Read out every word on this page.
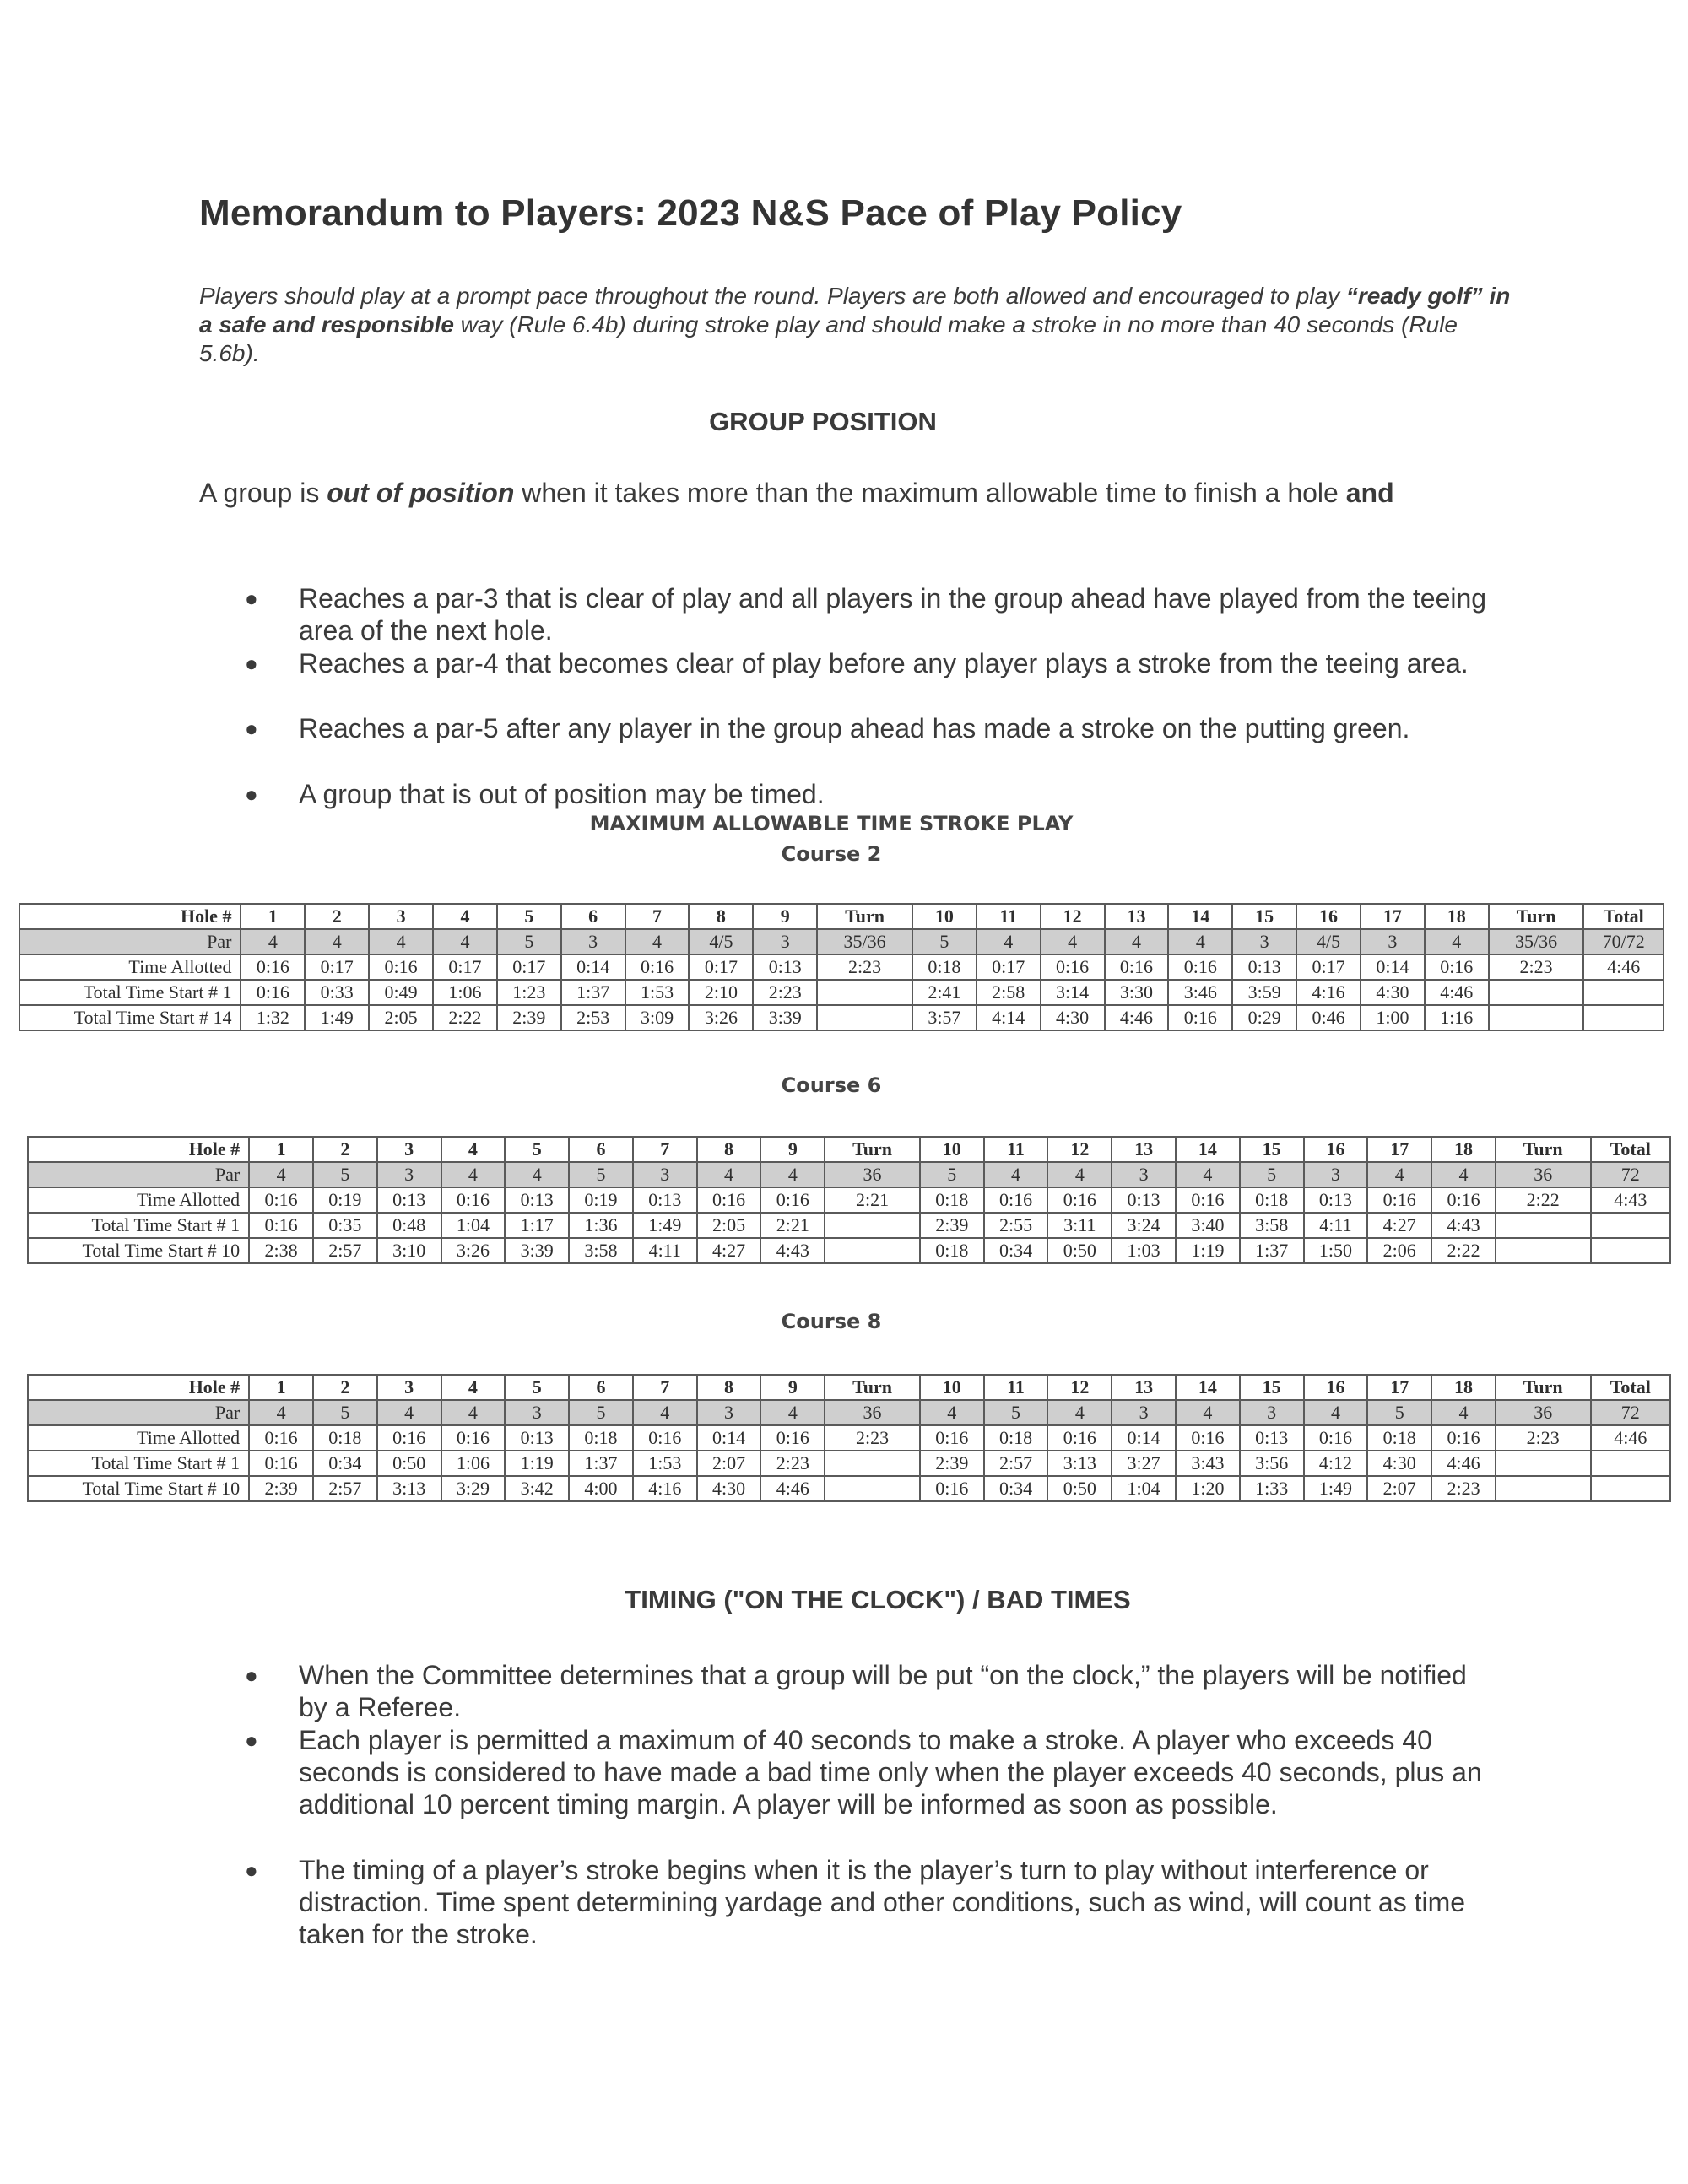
Memorandum to Players: 2023 N&S Pace of Play Policy
Players should play at a prompt pace throughout the round. Players are both allowed and encouraged to play “ready golf” in a safe and responsible way (Rule 6.4b) during stroke play and should make a stroke in no more than 40 seconds (Rule 5.6b).
GROUP POSITION
A group is out of position when it takes more than the maximum allowable time to finish a hole and
● Reaches a par-3 that is clear of play and all players in the group ahead have played from the teeing area of the next hole.
● Reaches a par-4 that becomes clear of play before any player plays a stroke from the teeing area.
● Reaches a par-5 after any player in the group ahead has made a stroke on the putting green.
● A group that is out of position may be timed.
MAXIMUM ALLOWABLE TIME STROKE PLAY
Course 2
Hole #	1	2	3	4	5	6	7	8	9	Turn	10	11	12	13	14	15	16	17	18	Turn	Total
Par	4	4	4	4	5	3	4	4/5	3	35/36	5	4	4	4	4	3	4/5	3	4	35/36	70/72
Time Allotted	0:16	0:17	0:16	0:17	0:17	0:14	0:16	0:17	0:13	2:23	0:18	0:17	0:16	0:16	0:16	0:13	0:17	0:14	0:16	2:23	4:46
Total Time Start # 1	0:16	0:33	0:49	1:06	1:23	1:37	1:53	2:10	2:23		2:41	2:58	3:14	3:30	3:46	3:59	4:16	4:30	4:46		
Total Time Start # 14	1:32	1:49	2:05	2:22	2:39	2:53	3:09	3:26	3:39		3:57	4:14	4:30	4:46	0:16	0:29	0:46	1:00	1:16		
Course 6
Hole #	1	2	3	4	5	6	7	8	9	Turn	10	11	12	13	14	15	16	17	18	Turn	Total
Par	4	5	3	4	4	5	3	4	4	36	5	4	4	3	4	5	3	4	4	36	72
Time Allotted	0:16	0:19	0:13	0:16	0:13	0:19	0:13	0:16	0:16	2:21	0:18	0:16	0:16	0:13	0:16	0:18	0:13	0:16	0:16	2:22	4:43
Total Time Start # 1	0:16	0:35	0:48	1:04	1:17	1:36	1:49	2:05	2:21		2:39	2:55	3:11	3:24	3:40	3:58	4:11	4:27	4:43		
Total Time Start # 10	2:38	2:57	3:10	3:26	3:39	3:58	4:11	4:27	4:43		0:18	0:34	0:50	1:03	1:19	1:37	1:50	2:06	2:22		
Course 8
Hole #	1	2	3	4	5	6	7	8	9	Turn	10	11	12	13	14	15	16	17	18	Turn	Total
Par	4	5	4	4	3	5	4	3	4	36	4	5	4	3	4	3	4	5	4	36	72
Time Allotted	0:16	0:18	0:16	0:16	0:13	0:18	0:16	0:14	0:16	2:23	0:16	0:18	0:16	0:14	0:16	0:13	0:16	0:18	0:16	2:23	4:46
Total Time Start # 1	0:16	0:34	0:50	1:06	1:19	1:37	1:53	2:07	2:23		2:39	2:57	3:13	3:27	3:43	3:56	4:12	4:30	4:46		
Total Time Start # 10	2:39	2:57	3:13	3:29	3:42	4:00	4:16	4:30	4:46		0:16	0:34	0:50	1:04	1:20	1:33	1:49	2:07	2:23		
TIMING ("ON THE CLOCK") / BAD TIMES
● When the Committee determines that a group will be put “on the clock,” the players will be notified by a Referee.
● Each player is permitted a maximum of 40 seconds to make a stroke. A player who exceeds 40 seconds is considered to have made a bad time only when the player exceeds 40 seconds, plus an additional 10 percent timing margin. A player will be informed as soon as possible.
● The timing of a player’s stroke begins when it is the player’s turn to play without interference or distraction. Time spent determining yardage and other conditions, such as wind, will count as time taken for the stroke.
